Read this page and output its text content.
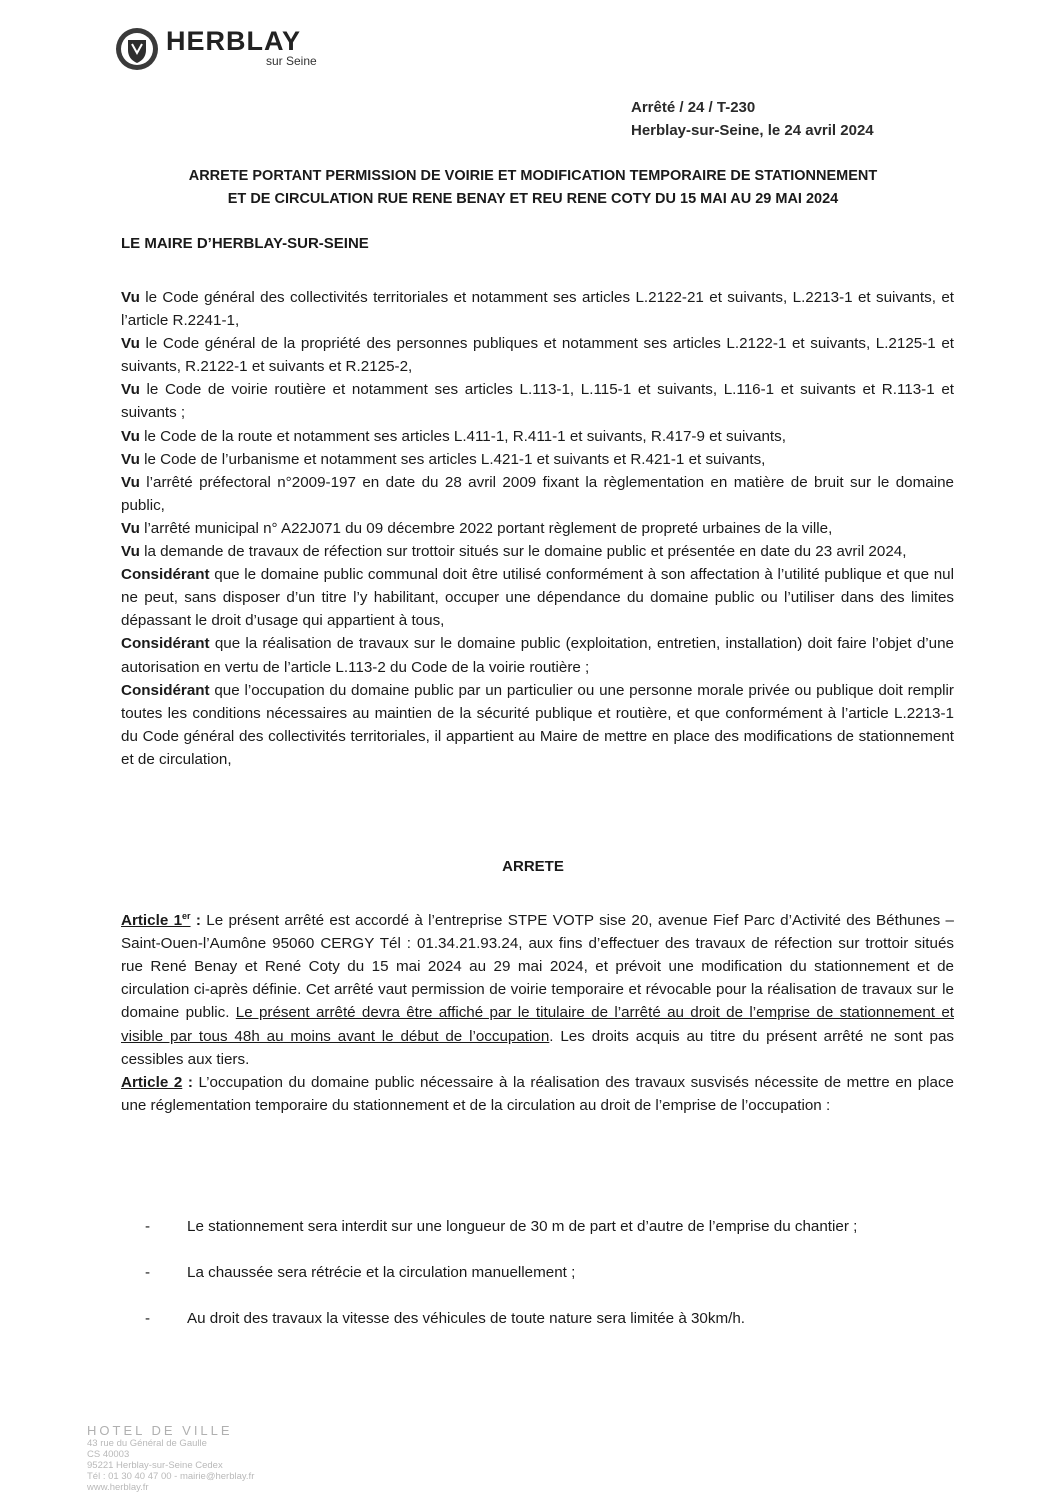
HERBLAY
sur Seine
Arrêté / 24 / T-230
Herblay-sur-Seine, le 24 avril 2024
ARRETE PORTANT PERMISSION DE VOIRIE ET MODIFICATION TEMPORAIRE DE STATIONNEMENT
ET DE CIRCULATION RUE RENE BENAY ET REU RENE COTY DU 15 MAI AU 29 MAI 2024
LE MAIRE D’HERBLAY-SUR-SEINE

Vu le Code général des collectivités territoriales et notamment ses articles L.2122-21 et suivants, L.2213-1 et suivants, et l’article R.2241-1,

Vu le Code général de la propriété des personnes publiques et notamment ses articles L.2122-1 et suivants, L.2125-1 et suivants, R.2122-1 et suivants et R.2125-2,

Vu le Code de voirie routière et notamment ses articles L.113-1, L.115-1 et suivants, L.116-1 et suivants et R.113-1 et suivants ;

Vu le Code de la route et notamment ses articles L.411-1, R.411-1 et suivants, R.417-9 et suivants,

Vu le Code de l’urbanisme et notamment ses articles L.421-1 et suivants et R.421-1 et suivants,

Vu l’arrêté préfectoral n°2009-197 en date du 28 avril 2009 fixant la règlementation en matière de bruit sur le domaine public,

Vu l’arrêté municipal n° A22J071 du 09 décembre 2022 portant règlement de propreté urbaines de la ville,

Vu la demande de travaux de réfection sur trottoir situés sur le domaine public et présentée en date du 23 avril 2024,

Considérant que le domaine public communal doit être utilisé conformément à son affectation à l’utilité publique et que nul ne peut, sans disposer d’un titre l’y habilitant, occuper une dépendance du domaine public ou l’utiliser dans des limites dépassant le droit d’usage qui appartient à tous,

Considérant que la réalisation de travaux sur le domaine public (exploitation, entretien, installation) doit faire l’objet d’une autorisation en vertu de l’article L.113-2 du Code de la voirie routière ;

Considérant que l’occupation du domaine public par un particulier ou une personne morale privée ou publique doit remplir toutes les conditions nécessaires au maintien de la sécurité publique et routière, et que conformément à l’article L.2213-1 du Code général des collectivités territoriales, il appartient au Maire de mettre en place des modifications de stationnement et de circulation,

ARRETE

Article 1er : Le présent arrêté est accordé à l’entreprise STPE VOTP sise 20, avenue Fief Parc d’Activité des Béthunes – Saint-Ouen-l’Aumône 95060 CERGY Tél : 01.34.21.93.24, aux fins d’effectuer des travaux de réfection sur trottoir situés rue René Benay et René Coty du 15 mai 2024 au 29 mai 2024, et prévoit une modification du stationnement et de circulation ci-après définie. Cet arrêté vaut permission de voirie temporaire et révocable pour la réalisation de travaux sur le domaine public. Le présent arrêté devra être affiché par le titulaire de l’arrêté au droit de l’emprise de stationnement et visible par tous 48h au moins avant le début de l’occupation. Les droits acquis au titre du présent arrêté ne sont pas cessibles aux tiers.

Article 2 : L’occupation du domaine public nécessaire à la réalisation des travaux susvisés nécessite de mettre en place une réglementation temporaire du stationnement et de la circulation au droit de l’emprise de l’occupation :

-	Le stationnement sera interdit sur une longueur de 30 m de part et d’autre de l’emprise du chantier ;
-	La chaussée sera rétrécie et la circulation manuellement ;
-	Au droit des travaux la vitesse des véhicules de toute nature sera limitée à 30km/h.
HOTEL DE VILLE
43 rue du Général de Gaulle
CS 40003
95221 Herblay-sur-Seine Cedex
Tél : 01 30 40 47 00 - mairie@herblay.fr
www.herblay.fr
